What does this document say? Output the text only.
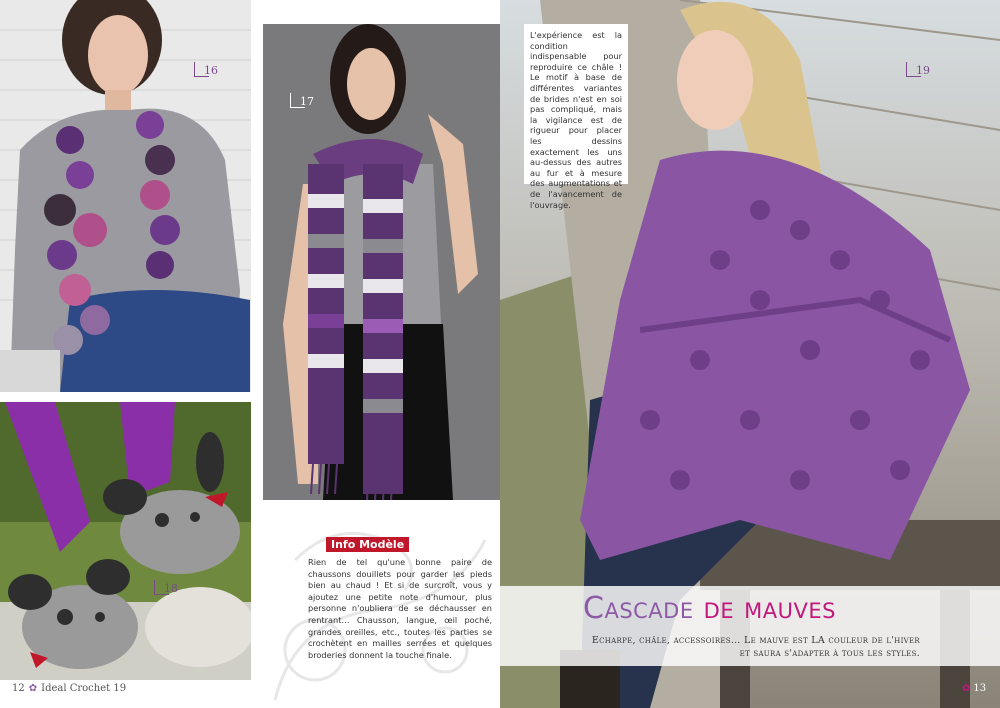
16
18
12 ✿ Ideal Crochet 19
17
Info Modèle
Rien de tel qu'une bonne paire de chaussons douillets pour garder les pieds bien au chaud ! Et si de surcroît, vous y ajoutez une petite note d'humour, plus personne n'oubliera de se déchausser en rentrant… Chausson, langue, œil poché, grandes oreilles, etc., toutes les parties se crochètent en mailles serrées et quelques broderies donnent la touche finale.
19
L'expérience est la condition indispensable pour reproduire ce châle ! Le motif à base de différentes variantes de brides n'est en soi pas compliqué, mais la vigilance est de rigueur pour placer les dessins exactement les uns au-dessus des autres au fur et à mesure des augmentations et de l'avancement de l'ouvrage.
Cascade de mauves
Echarpe, châle, accessoires… Le mauve est LA couleur de l'hiver et saura s'adapter à tous les styles.
✿ 13
